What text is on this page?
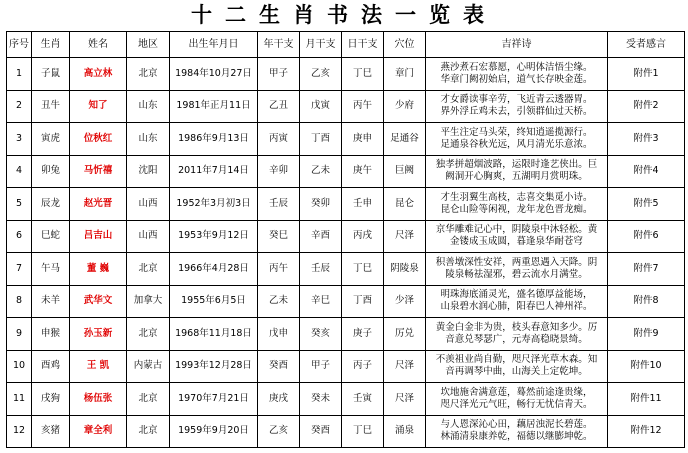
十二生肖书法一览表
序号	生肖	姓名	地区	出生年月日	年干支	月干支	日干支	穴位	吉祥诗	受者感言
1	子鼠	高立林	北京	1984年10月27日	甲子	乙亥	丁巳	章门	燕沙煮石宏慕愿，心明体洁悟尘缘。
华章门阙初始启，道气长存映金莲。	附件1
2	丑牛	知了	山东	1981年正月11日	乙丑	戊寅	丙午	少府	才女爵读事辛劳，飞近青云透器胃。
界外浮丘鸡未去，引领群仙过天桥。	附件2
3	寅虎	位秋红	山东	1986年9月13日	丙寅	丁酉	庚申	足通谷	平生注定马头荣，终知逍遥揽源行。
足通泉谷秋光远，风月清光乐意浓。	附件3
4	卯兔	马忻禧	沈阳	2011年7月14日	辛卯	乙未	庚午	巨阙	独孝拼超烟波路，运限时逢艺侠出。巨
阙洞开心胸爽，五湖明月赏明珠。	附件4
5	辰龙	赵光晋	山西	1952年3月初3日	壬辰	癸卯	壬申	昆仑	才生羽翼生高枝，志喜交集觅小诗。
昆仑山险等闲视，龙年龙色晋龙痴。	附件5
6	巳蛇	吕吉山	山西	1953年9月12日	癸巳	辛酉	丙戌	尺泽	京华雕难记心中，阴陵泉中沐轻松。黄
金镂成玉成圆，暮逢泉华耐苍穹	附件6
7	午马	董 巍	北京	1966年4月28日	丙午	壬辰	丁巳	阴陵泉	积善墩深性安祥，两重恩遇入天降。阴
陵泉畅祛湿邪，碧云流水月满堂。	附件7
8	未羊	武华文	加拿大	1955年6月5日	乙未	辛巳	丁酉	少泽	明珠海底涌灵光，盛名德厚益能场，
山泉碧水润心肺，阳春巴人神州祥。	附件8
9	申猴	孙玉新	北京	1968年11月18日	戊申	癸亥	庚子	厉兑	黄金白金非为贵，枝头春意知多少。厉
音意兑琴瑟广，元寿高稳晓景绮。	附件9
10	酉鸡	王 凯	内蒙古	1993年12月28日	癸酉	甲子	丙子	尺泽	不羡祖业尚自勤，咫尺泽光草木森。知
音再调琴中曲，山海关上定乾坤。	附件10
11	戌狗	杨伍张	北京	1970年7月21日	庚戌	癸未	壬寅	尺泽	坎地施舍满意莲，蓦然前途逢贵缘，
咫尺泽光元气旺，畅行无忧信青天。	附件11
12	亥猪	章全利	北京	1959年9月20日	乙亥	癸酉	丁巳	涌泉	与人恩深沁心田，藕居浊泥长碧莲。
林涌清泉康养乾，福德以继膨坤乾。	附件12
